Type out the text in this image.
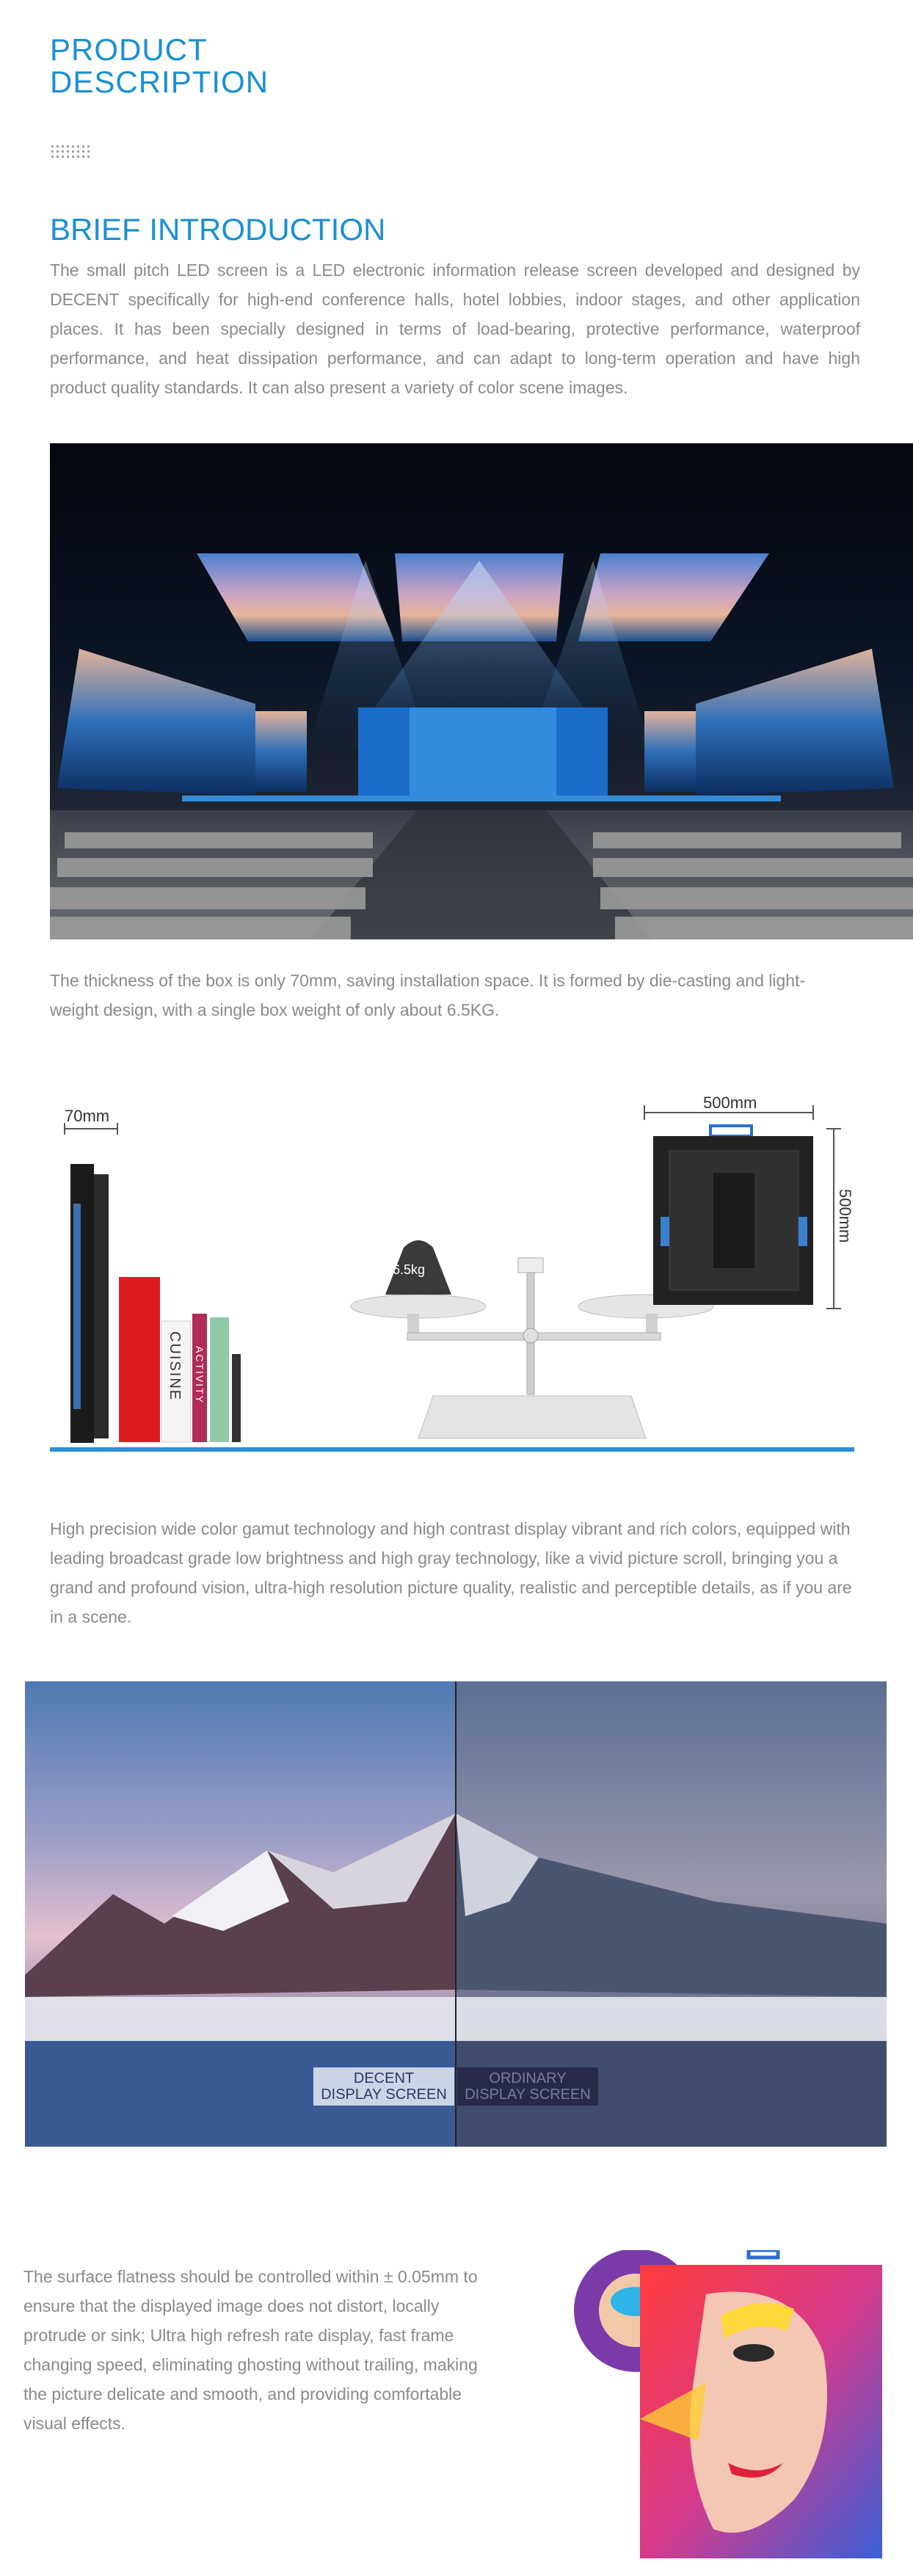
PRODUCT
DESCRIPTION
BRIEF INTRODUCTION
The small pitch LED screen is a LED electronic information release screen developed and designed by DECENT specifically for high-end conference halls, hotel lobbies, indoor stages, and other application places. It has been specially designed in terms of load-bearing, protective performance, waterproof performance, and heat dissipation performance, and can adapt to long-term operation and have high product quality standards. It can also present a variety of color scene images.
The thickness of the box is only 70mm, saving installation space. It is formed by die-casting and light-weight design, with a single box weight of only about 6.5KG.
70mm
CUISINE ACTIVITY
6.5kg
500mm
500mm
High precision wide color gamut technology and high contrast display vibrant and rich colors, equipped with leading broadcast grade low brightness and high gray technology, like a vivid picture scroll, bringing you a grand and profound vision, ultra-high resolution picture quality, realistic and perceptible details, as if you are in a scene.
DECENT
DISPLAY SCREEN
ORDINARY
DISPLAY SCREEN
The surface flatness should be controlled within ± 0.05mm to ensure that the displayed image does not distort, locally protrude or sink; Ultra high refresh rate display, fast frame changing speed, eliminating ghosting without trailing, making the picture delicate and smooth, and providing comfortable visual effects.
